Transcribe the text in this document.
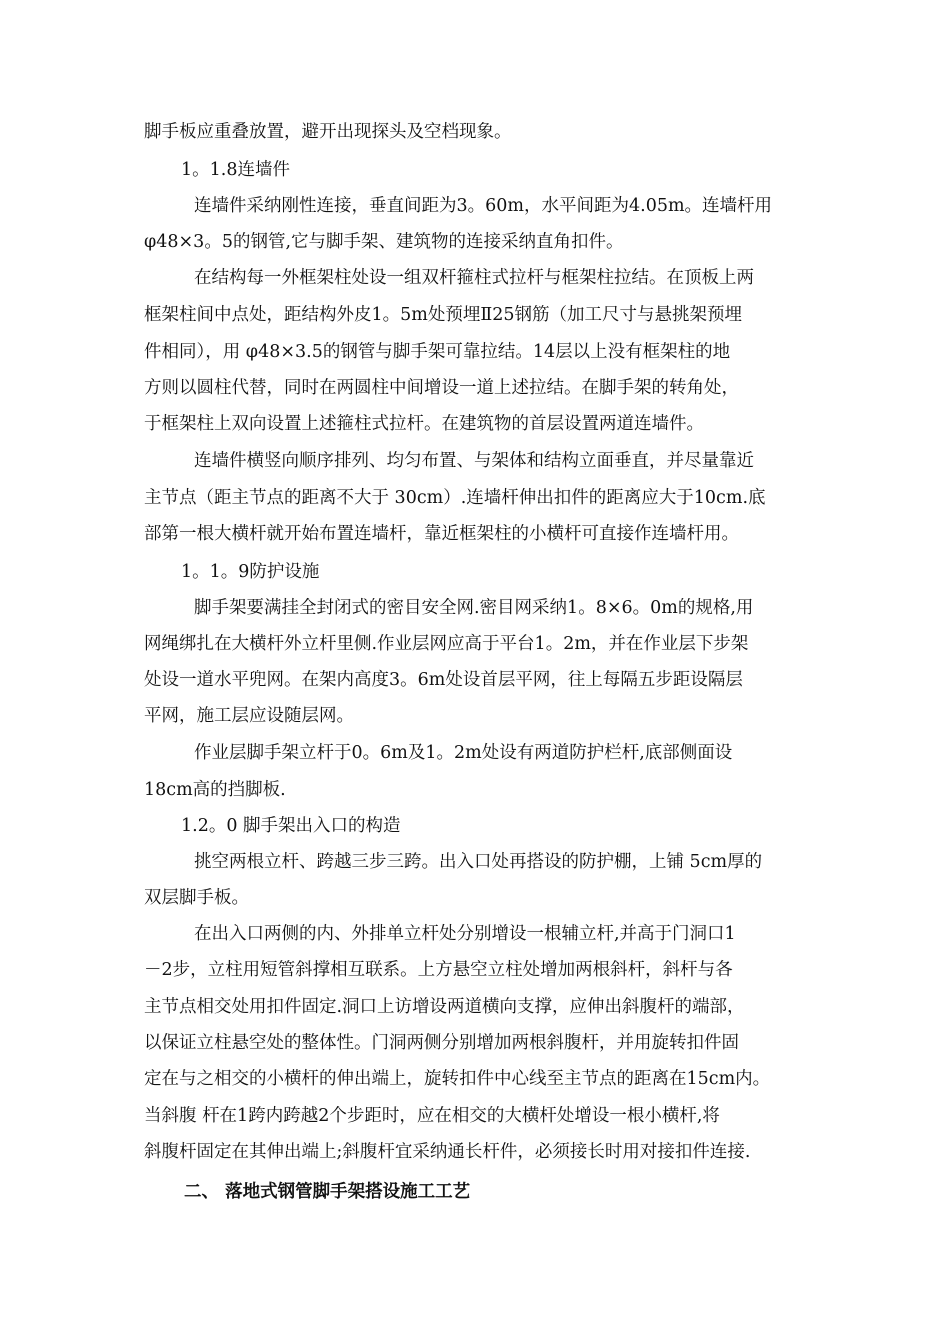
脚手板应重叠放置，避开出现探头及空档现象。
1。1.8连墙件
连墙件采纳刚性连接，垂直间距为3。60m，水平间距为4.05m。连墙杆用
φ48×3。5的钢管,它与脚手架、建筑物的连接采纳直角扣件。
在结构每一外框架柱处设一组双杆箍柱式拉杆与框架柱拉结。在顶板上两
框架柱间中点处，距结构外皮1。5m处预埋Ⅱ25钢筋（加工尺寸与悬挑架预埋
件相同），用 φ48×3.5的钢管与脚手架可靠拉结。14层以上没有框架柱的地
方则以圆柱代替，同时在两圆柱中间增设一道上述拉结。在脚手架的转角处，
于框架柱上双向设置上述箍柱式拉杆。在建筑物的首层设置两道连墙件。
连墙件横竖向顺序排列、均匀布置、与架体和结构立面垂直，并尽量靠近
主节点（距主节点的距离不大于 30cm）.连墙杆伸出扣件的距离应大于10cm.底
部第一根大横杆就开始布置连墙杆，靠近框架柱的小横杆可直接作连墙杆用。
1。1。9防护设施
脚手架要满挂全封闭式的密目安全网.密目网采纳1。8×6。0m的规格,用
网绳绑扎在大横杆外立杆里侧.作业层网应高于平台1。2m，并在作业层下步架
处设一道水平兜网。在架内高度3。6m处设首层平网，往上每隔五步距设隔层
平网，施工层应设随层网。
作业层脚手架立杆于0。6m及1。2m处设有两道防护栏杆,底部侧面设
18cm高的挡脚板.
1.2。0 脚手架出入口的构造
挑空两根立杆、跨越三步三跨。出入口处再搭设的防护棚，上铺 5cm厚的
双层脚手板。
在出入口两侧的内、外排单立杆处分别增设一根辅立杆,并高于门洞口1
－2步，立柱用短管斜撑相互联系。上方悬空立柱处增加两根斜杆，斜杆与各
主节点相交处用扣件固定.洞口上访增设两道横向支撑，应伸出斜腹杆的端部，
以保证立柱悬空处的整体性。门洞两侧分别增加两根斜腹杆，并用旋转扣件固
定在与之相交的小横杆的伸出端上，旋转扣件中心线至主节点的距离在15cm内。
当斜腹 杆在1跨内跨越2个步距时，应在相交的大横杆处增设一根小横杆,将
斜腹杆固定在其伸出端上;斜腹杆宜采纳通长杆件，必须接长时用对接扣件连接.
二、 落地式钢管脚手架搭设施工工艺
